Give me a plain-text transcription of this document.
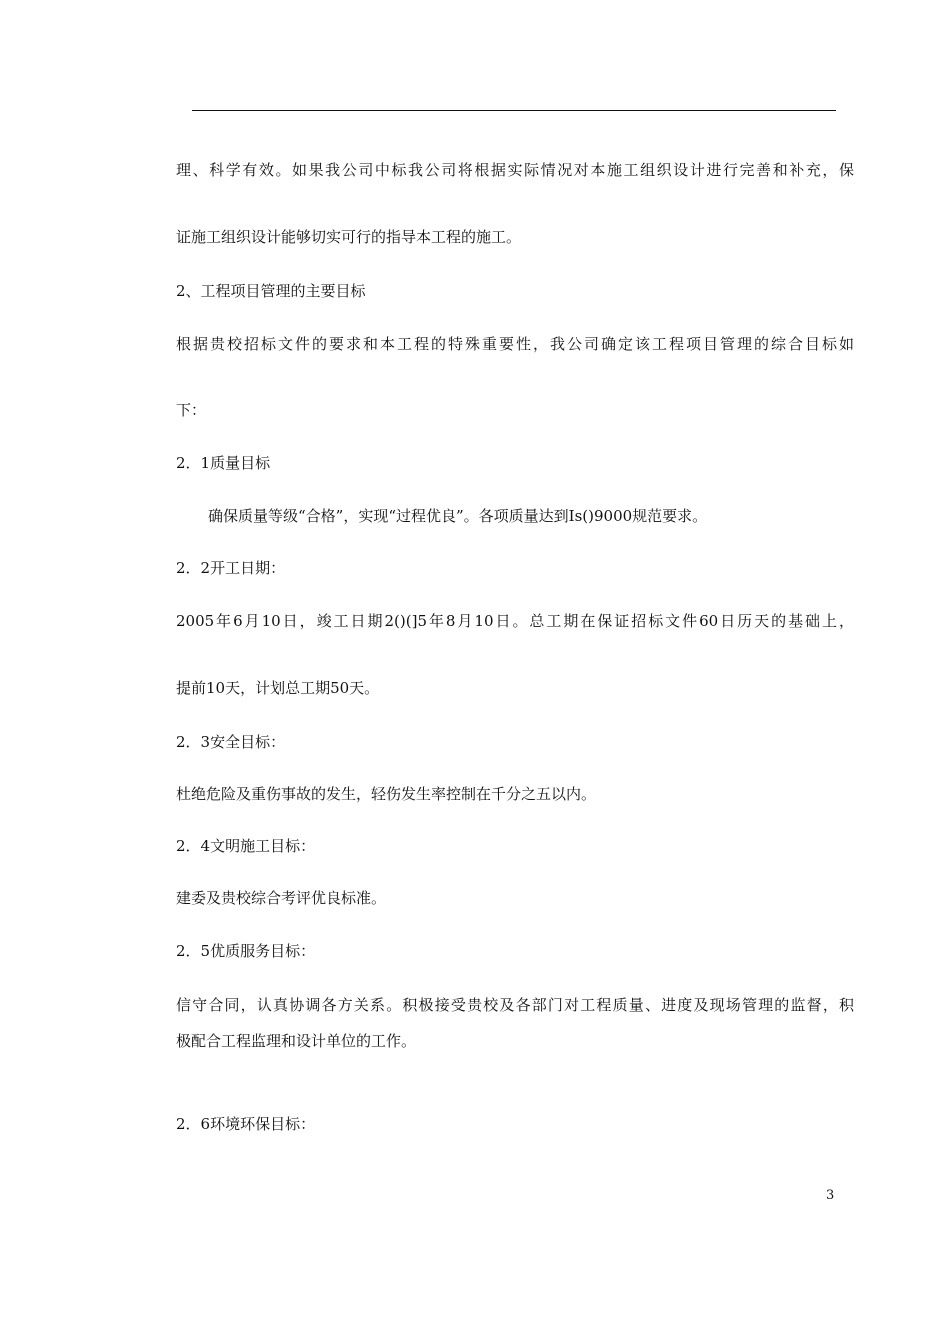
理、科学有效。如果我公司中标我公司将根据实际情况对本施工组织设计进行完善和补充，保
证施工组织设计能够切实可行的指导本工程的施工。
2、工程项目管理的主要目标
根据贵校招标文件的要求和本工程的特殊重要性，我公司确定该工程项目管理的综合目标如
下：
2．1质量目标
确保质量等级“合格”，实现“过程优良”。各项质量达到Is()9000规范要求。
2．2开工日期：
2005年6月10日，竣工日期2()(]5年8月10日。总工期在保证招标文件60日历天的基础上，
提前10天，计划总工期50天。
2．3安全目标：
杜绝危险及重伤事故的发生，轻伤发生率控制在千分之五以内。
2．4文明施工目标：
建委及贵校综合考评优良标准。
2．5优质服务目标：
信守合同，认真协调各方关系。积极接受贵校及各部门对工程质量、进度及现场管理的监督，积
极配合工程监理和设计单位的工作。
2．6环境环保目标：
3
